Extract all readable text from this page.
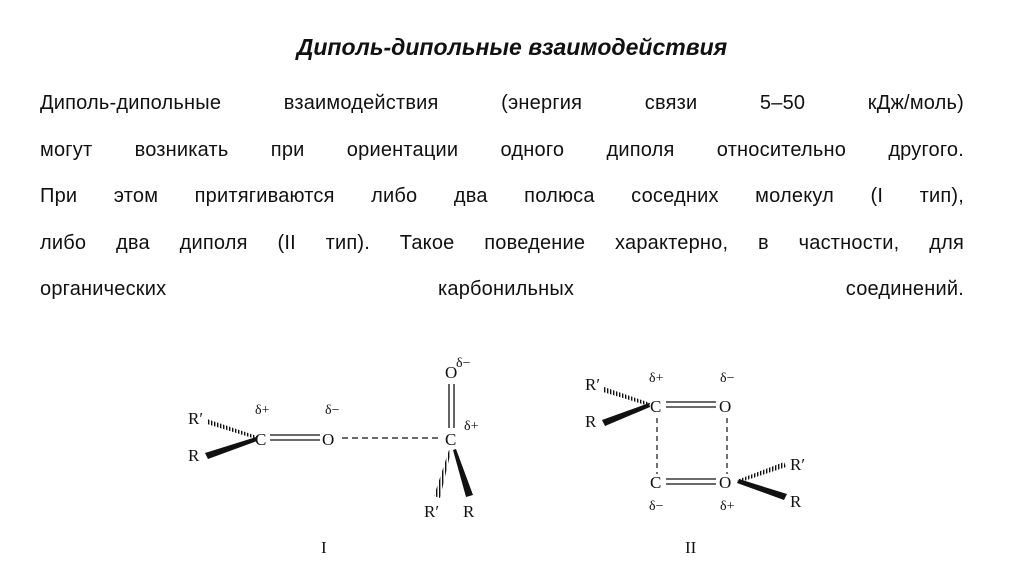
Диполь-дипольные взаимодействия
Диполь-дипольные взаимодействия (энергия связи 5–50 кДж/моль)
могут возникать при ориентации одного диполя относительно другого.
При этом притягиваются либо два полюса соседних молекул (I тип),
либо два диполя (II тип). Такое поведение характерно, в частности, для
органических карбонильных соединений.
R′
R
C	O
δ+	δ−
O
δ−
C
δ+
R′ R
I
R′
R
δ+	δ−
C	O
C	O
δ−	δ+
R′
R
II
